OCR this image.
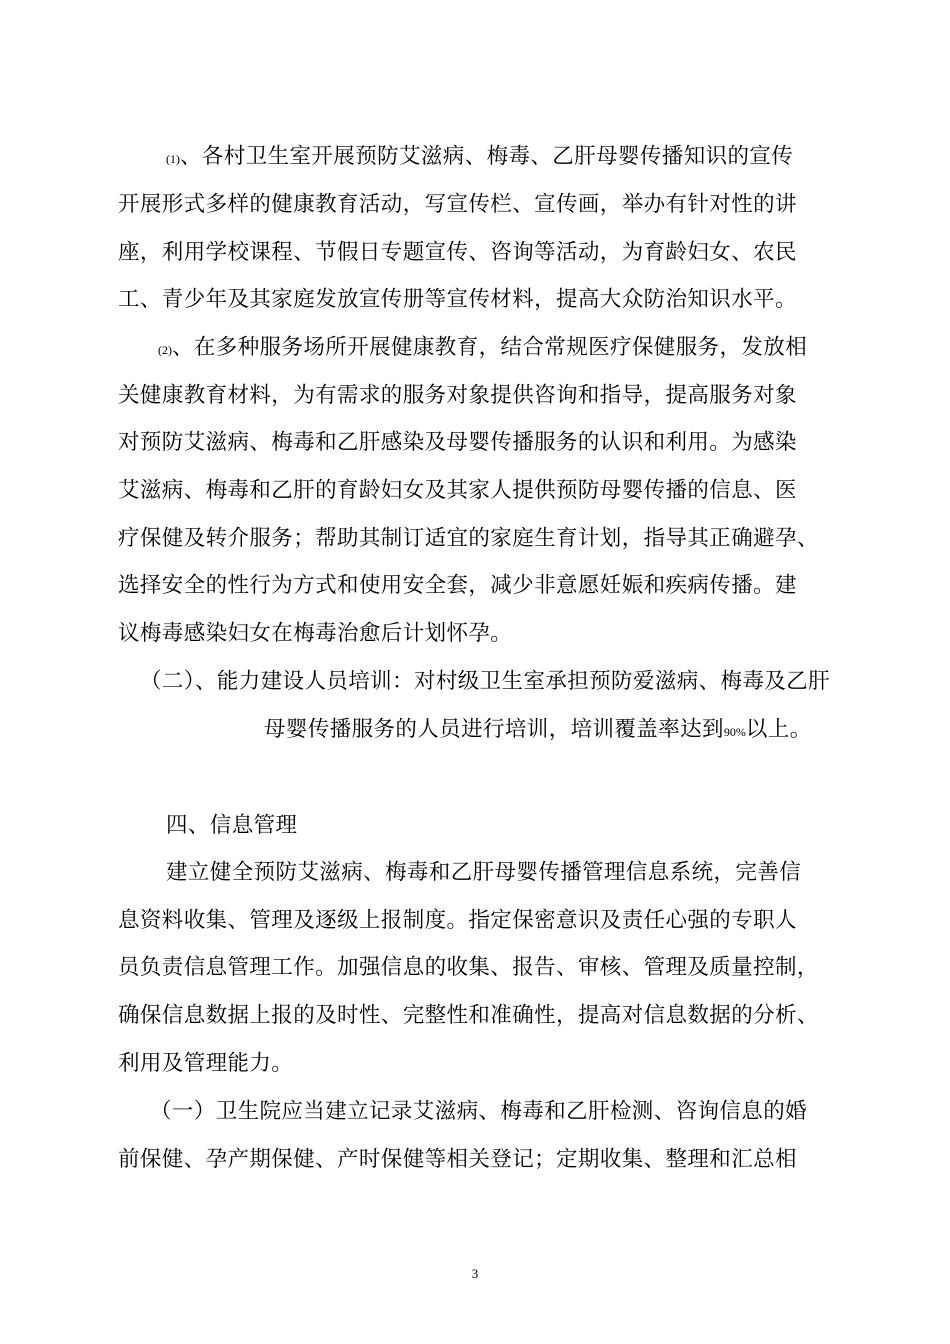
(1)、各村卫生室开展预防艾滋病、梅毒、乙肝母婴传播知识的宣传
开展形式多样的健康教育活动，写宣传栏、宣传画，举办有针对性的讲
座，利用学校课程、节假日专题宣传、咨询等活动，为育龄妇女、农民
工、青少年及其家庭发放宣传册等宣传材料，提高大众防治知识水平。
(2)、在多种服务场所开展健康教育，结合常规医疗保健服务，发放相
关健康教育材料，为有需求的服务对象提供咨询和指导，提高服务对象
对预防艾滋病、梅毒和乙肝感染及母婴传播服务的认识和利用。为感染
艾滋病、梅毒和乙肝的育龄妇女及其家人提供预防母婴传播的信息、医
疗保健及转介服务；帮助其制订适宜的家庭生育计划，指导其正确避孕、
选择安全的性行为方式和使用安全套，减少非意愿妊娠和疾病传播。建
议梅毒感染妇女在梅毒治愈后计划怀孕。
（二）、能力建设人员培训：对村级卫生室承担预防爱滋病、梅毒及乙肝
母婴传播服务的人员进行培训，培训覆盖率达到90%以上。
四、信息管理
建立健全预防艾滋病、梅毒和乙肝母婴传播管理信息系统，完善信
息资料收集、管理及逐级上报制度。指定保密意识及责任心强的专职人
员负责信息管理工作。加强信息的收集、报告、审核、管理及质量控制，
确保信息数据上报的及时性、完整性和准确性，提高对信息数据的分析、
利用及管理能力。
（一）卫生院应当建立记录艾滋病、梅毒和乙肝检测、咨询信息的婚
前保健、孕产期保健、产时保健等相关登记；定期收集、整理和汇总相
3
